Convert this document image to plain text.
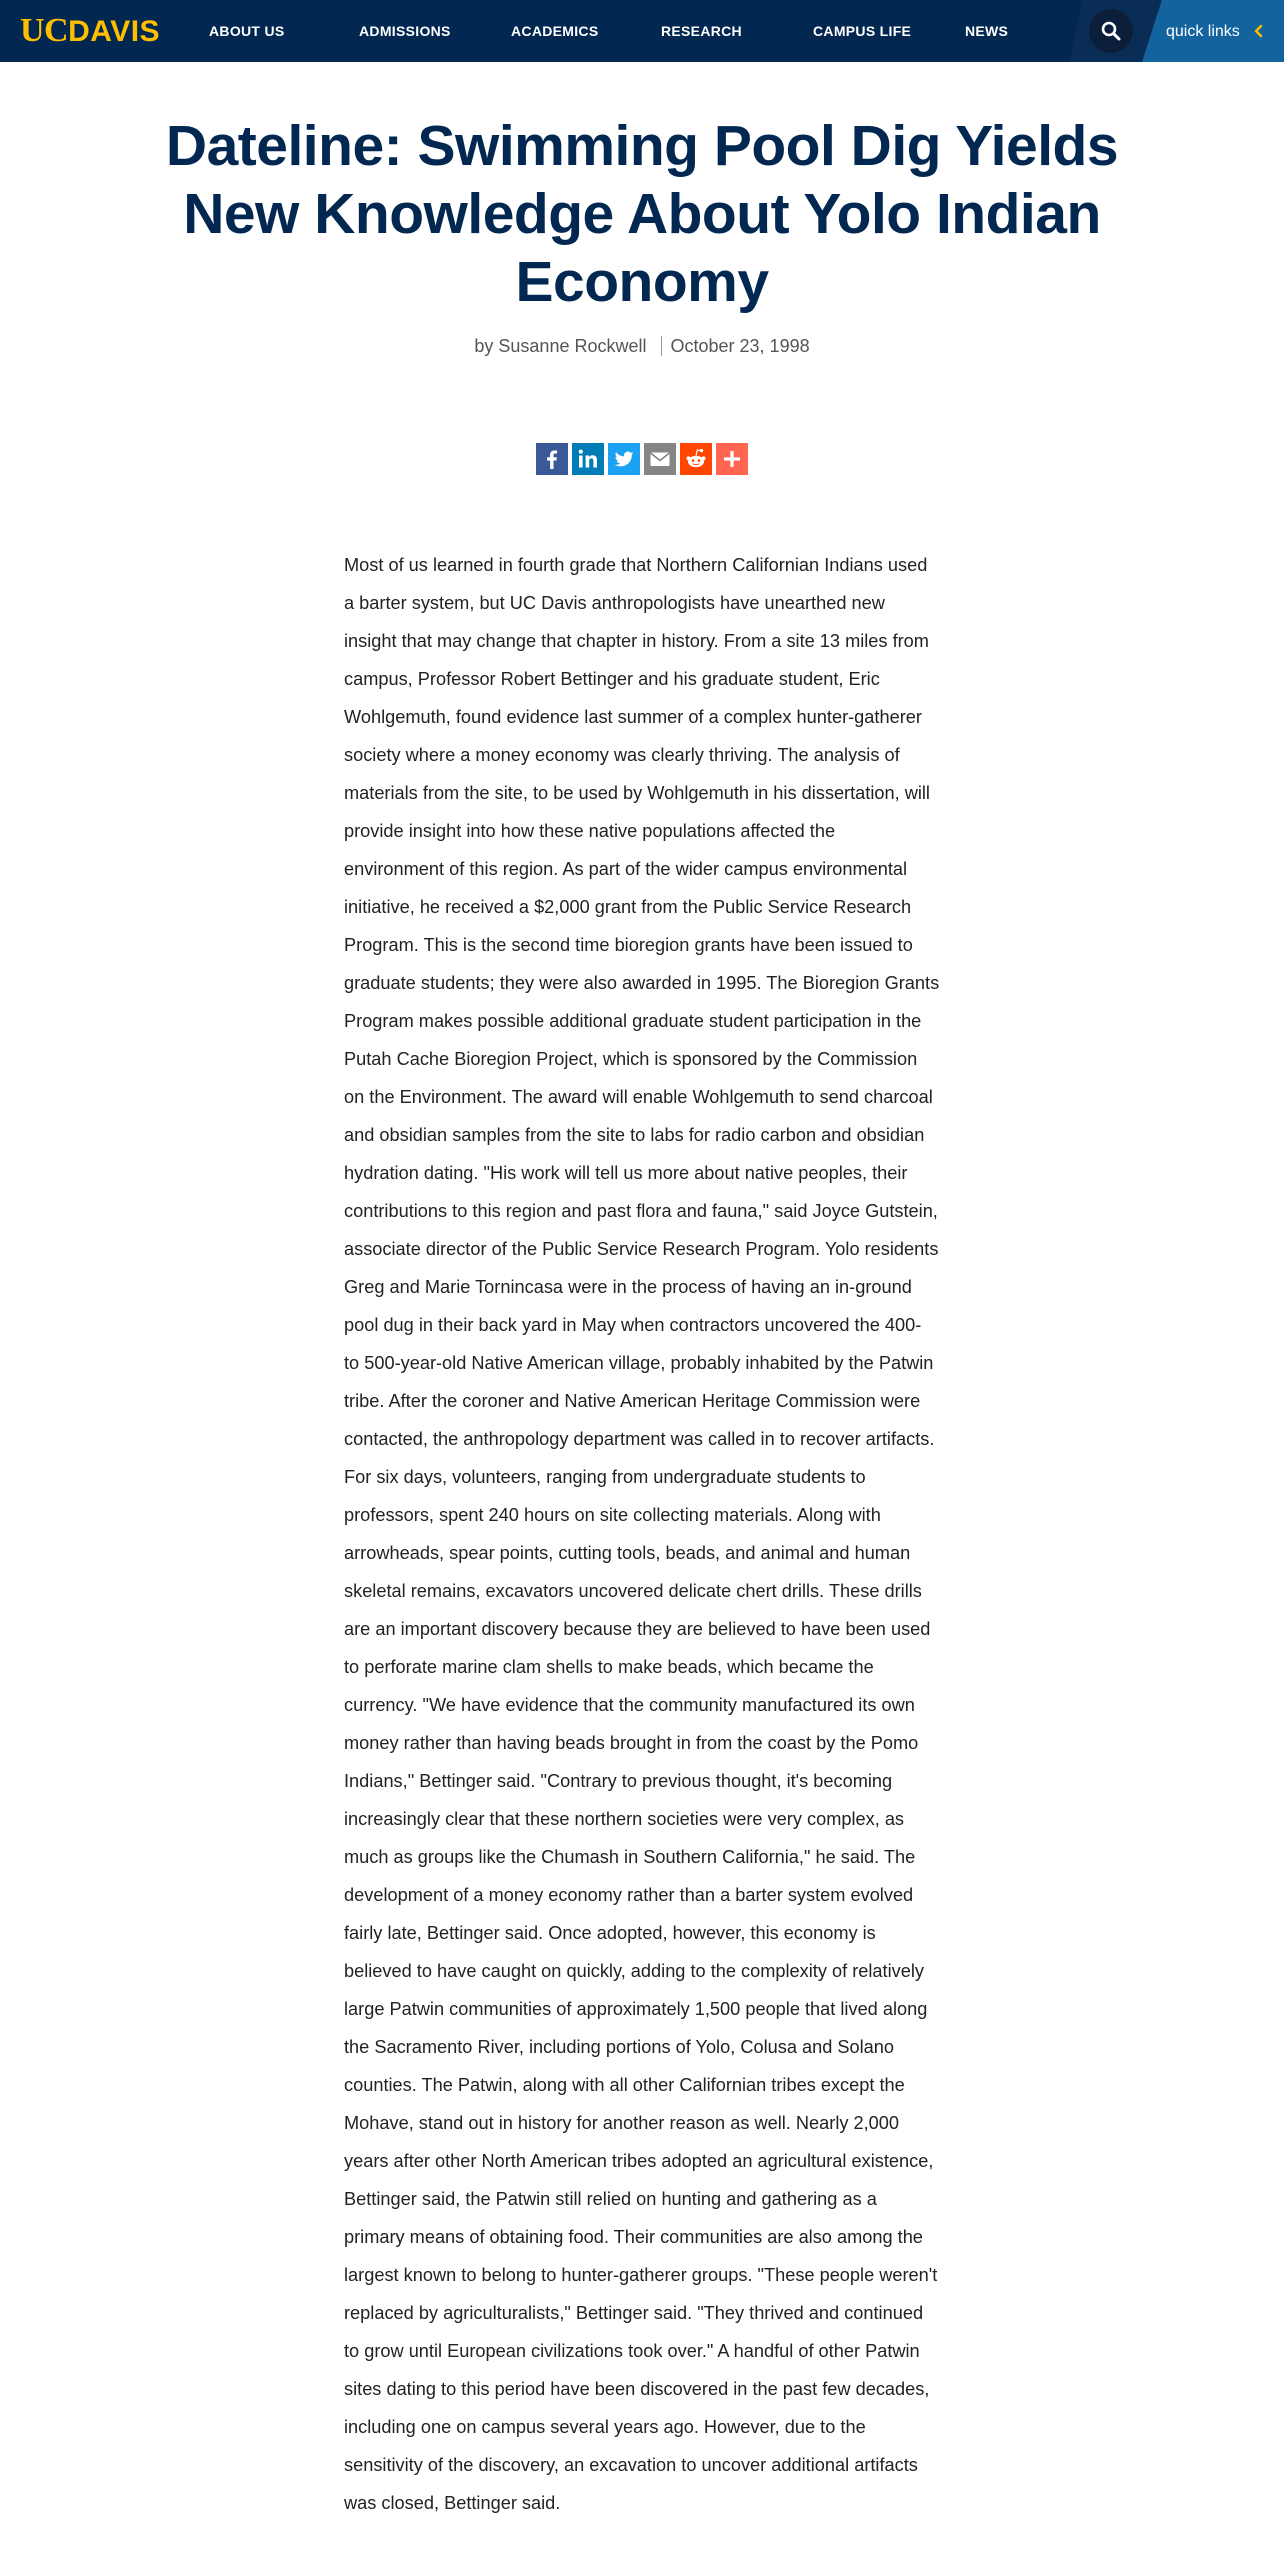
UCDAVIS	ABOUT US	ADMISSIONS	ACADEMICS	RESEARCH	CAMPUS LIFE	NEWS	quick links
Dateline: Swimming Pool Dig Yields New Knowledge About Yolo Indian Economy
by Susanne Rockwell October 23, 1998
Most of us learned in fourth grade that Northern Californian Indians used a barter system, but UC Davis anthropologists have unearthed new insight that may change that chapter in history. From a site 13 miles from campus, Professor Robert Bettinger and his graduate student, Eric Wohlgemuth, found evidence last summer of a complex hunter-gatherer society where a money economy was clearly thriving. The analysis of materials from the site, to be used by Wohlgemuth in his dissertation, will provide insight into how these native populations affected the environment of this region. As part of the wider campus environmental initiative, he received a $2,000 grant from the Public Service Research Program. This is the second time bioregion grants have been issued to graduate students; they were also awarded in 1995. The Bioregion Grants Program makes possible additional graduate student participation in the Putah Cache Bioregion Project, which is sponsored by the Commission on the Environment. The award will enable Wohlgemuth to send charcoal and obsidian samples from the site to labs for radio carbon and obsidian hydration dating. "His work will tell us more about native peoples, their contributions to this region and past flora and fauna," said Joyce Gutstein, associate director of the Public Service Research Program. Yolo residents Greg and Marie Tornincasa were in the process of having an in-ground pool dug in their back yard in May when contractors uncovered the 400- to 500-year-old Native American village, probably inhabited by the Patwin tribe. After the coroner and Native American Heritage Commission were contacted, the anthropology department was called in to recover artifacts. For six days, volunteers, ranging from undergraduate students to professors, spent 240 hours on site collecting materials. Along with arrowheads, spear points, cutting tools, beads, and animal and human skeletal remains, excavators uncovered delicate chert drills. These drills are an important discovery because they are believed to have been used to perforate marine clam shells to make beads, which became the currency. "We have evidence that the community manufactured its own money rather than having beads brought in from the coast by the Pomo Indians," Bettinger said. "Contrary to previous thought, it's becoming increasingly clear that these northern societies were very complex, as much as groups like the Chumash in Southern California," he said. The development of a money economy rather than a barter system evolved fairly late, Bettinger said. Once adopted, however, this economy is believed to have caught on quickly, adding to the complexity of relatively large Patwin communities of approximately 1,500 people that lived along the Sacramento River, including portions of Yolo, Colusa and Solano counties. The Patwin, along with all other Californian tribes except the Mohave, stand out in history for another reason as well. Nearly 2,000 years after other North American tribes adopted an agricultural existence, Bettinger said, the Patwin still relied on hunting and gathering as a primary means of obtaining food. Their communities are also among the largest known to belong to hunter-gatherer groups. "These people weren't replaced by agriculturalists," Bettinger said. "They thrived and continued to grow until European civilizations took over." A handful of other Patwin sites dating to this period have been discovered in the past few decades, including one on campus several years ago. However, due to the sensitivity of the discovery, an excavation to uncover additional artifacts was closed, Bettinger said.
